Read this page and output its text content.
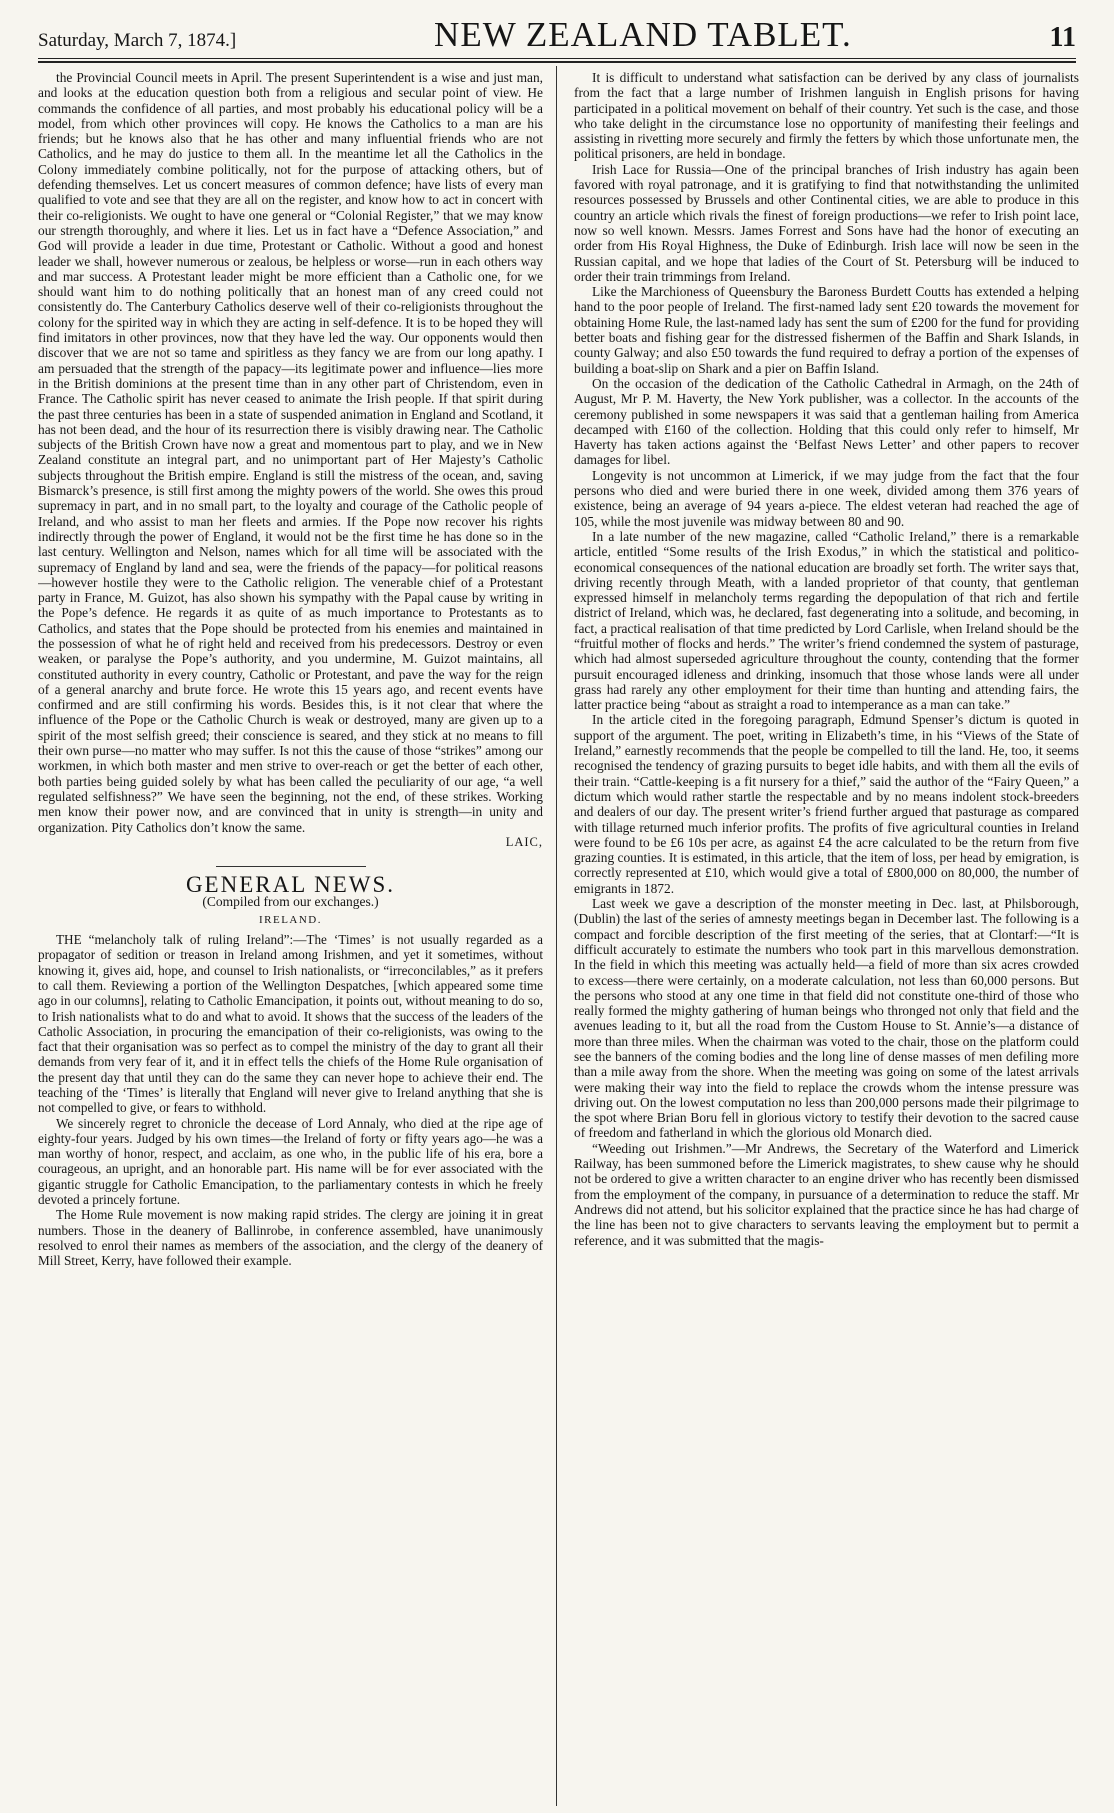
Saturday, March 7, 1874.]	NEW ZEALAND TABLET.	11

the Provincial Council meets in April. The present Superintendent is a wise and just man, and looks at the education question both from a religious and secular point of view. He commands the confidence of all parties, and most probably his educational policy will be a model, from which other provinces will copy. He knows the Catholics to a man are his friends; but he knows also that he has other and many influential friends who are not Catholics, and he may do justice to them all. In the meantime let all the Catholics in the Colony immediately combine politically, not for the purpose of attacking others, but of defending themselves. Let us concert measures of common defence; have lists of every man qualified to vote and see that they are all on the register, and know how to act in concert with their co-religionists. We ought to have one general or “Colonial Register,” that we may know our strength thoroughly, and where it lies. Let us in fact have a “Defence Association,” and God will provide a leader in due time, Protestant or Catholic. Without a good and honest leader we shall, however numerous or zealous, be helpless or worse—run in each others way and mar success. A Protestant leader might be more efficient than a Catholic one, for we should want him to do nothing politically that an honest man of any creed could not consistently do. The Canterbury Catholics deserve well of their co-religionists throughout the colony for the spirited way in which they are acting in self-defence. It is to be hoped they will find imitators in other provinces, now that they have led the way. Our opponents would then discover that we are not so tame and spiritless as they fancy we are from our long apathy. I am persuaded that the strength of the papacy—its legitimate power and influence—lies more in the British dominions at the present time than in any other part of Christendom, even in France. The Catholic spirit has never ceased to animate the Irish people. If that spirit during the past three centuries has been in a state of suspended animation in England and Scotland, it has not been dead, and the hour of its resurrection there is visibly drawing near. The Catholic subjects of the British Crown have now a great and momentous part to play, and we in New Zealand constitute an integral part, and no unimportant part of Her Majesty’s Catholic subjects throughout the British empire. England is still the mistress of the ocean, and, saving Bismarck’s presence, is still first among the mighty powers of the world. She owes this proud supremacy in part, and in no small part, to the loyalty and courage of the Catholic people of Ireland, and who assist to man her fleets and armies. If the Pope now recover his rights indirectly through the power of England, it would not be the first time he has done so in the last century. Wellington and Nelson, names which for all time will be associated with the supremacy of England by land and sea, were the friends of the papacy—for political reasons—however hostile they were to the Catholic religion. The venerable chief of a Protestant party in France, M. Guizot, has also shown his sympathy with the Papal cause by writing in the Pope’s defence. He regards it as quite of as much importance to Protestants as to Catholics, and states that the Pope should be protected from his enemies and maintained in the possession of what he of right held and received from his predecessors. Destroy or even weaken, or paralyse the Pope’s authority, and you undermine, M. Guizot maintains, all constituted authority in every country, Catholic or Protestant, and pave the way for the reign of a general anarchy and brute force. He wrote this 15 years ago, and recent events have confirmed and are still confirming his words. Besides this, is it not clear that where the influence of the Pope or the Catholic Church is weak or destroyed, many are given up to a spirit of the most selfish greed; their conscience is seared, and they stick at no means to fill their own purse—no matter who may suffer. Is not this the cause of those “strikes” among our workmen, in which both master and men strive to over-reach or get the better of each other, both parties being guided solely by what has been called the peculiarity of our age, “a well regulated selfishness?” We have seen the beginning, not the end, of these strikes. Working men know their power now, and are convinced that in unity is strength—in unity and organization. Pity Catholics don’t know the same.

LAIC,

GENERAL NEWS.
(Compiled from our exchanges.)
IRELAND.

THE “melancholy talk of ruling Ireland”:—The ‘Times’ is not usually regarded as a propagator of sedition or treason in Ireland among Irishmen, and yet it sometimes, without knowing it, gives aid, hope, and counsel to Irish nationalists, or “irreconcilables,” as it prefers to call them. Reviewing a portion of the Wellington Despatches, [which appeared some time ago in our columns], relating to Catholic Emancipation, it points out, without meaning to do so, to Irish nationalists what to do and what to avoid. It shows that the success of the leaders of the Catholic Association, in procuring the emancipation of their co-religionists, was owing to the fact that their organisation was so perfect as to compel the ministry of the day to grant all their demands from very fear of it, and it in effect tells the chiefs of the Home Rule organisation of the present day that until they can do the same they can never hope to achieve their end. The teaching of the ‘Times’ is literally that England will never give to Ireland anything that she is not compelled to give, or fears to withhold.

We sincerely regret to chronicle the decease of Lord Annaly, who died at the ripe age of eighty-four years. Judged by his own times—the Ireland of forty or fifty years ago—he was a man worthy of honor, respect, and acclaim, as one who, in the public life of his era, bore a courageous, an upright, and an honorable part. His name will be for ever associated with the gigantic struggle for Catholic Emancipation, to the parliamentary contests in which he freely devoted a princely fortune.

The Home Rule movement is now making rapid strides. The clergy are joining it in great numbers. Those in the deanery of Ballinrobe, in conference assembled, have unanimously resolved to enrol their names as members of the association, and the clergy of the deanery of Mill Street, Kerry, have followed their example.

It is difficult to understand what satisfaction can be derived by any class of journalists from the fact that a large number of Irishmen languish in English prisons for having participated in a political movement on behalf of their country. Yet such is the case, and those who take delight in the circumstance lose no opportunity of manifesting their feelings and assisting in rivetting more securely and firmly the fetters by which those unfortunate men, the political prisoners, are held in bondage.

Irish Lace for Russia—One of the principal branches of Irish industry has again been favored with royal patronage, and it is gratifying to find that notwithstanding the unlimited resources possessed by Brussels and other Continental cities, we are able to produce in this country an article which rivals the finest of foreign productions—we refer to Irish point lace, now so well known. Messrs. James Forrest and Sons have had the honor of executing an order from His Royal Highness, the Duke of Edinburgh. Irish lace will now be seen in the Russian capital, and we hope that ladies of the Court of St. Petersburg will be induced to order their train trimmings from Ireland.

Like the Marchioness of Queensbury the Baroness Burdett Coutts has extended a helping hand to the poor people of Ireland. The first-named lady sent £20 towards the movement for obtaining Home Rule, the last-named lady has sent the sum of £200 for the fund for providing better boats and fishing gear for the distressed fishermen of the Baffin and Shark Islands, in county Galway; and also £50 towards the fund required to defray a portion of the expenses of building a boat-slip on Shark and a pier on Baffin Island.

On the occasion of the dedication of the Catholic Cathedral in Armagh, on the 24th of August, Mr P. M. Haverty, the New York publisher, was a collector. In the accounts of the ceremony published in some newspapers it was said that a gentleman hailing from America decamped with £160 of the collection. Holding that this could only refer to himself, Mr Haverty has taken actions against the ‘Belfast News Letter’ and other papers to recover damages for libel.

Longevity is not uncommon at Limerick, if we may judge from the fact that the four persons who died and were buried there in one week, divided among them 376 years of existence, being an average of 94 years a-piece. The eldest veteran had reached the age of 105, while the most juvenile was midway between 80 and 90.

In a late number of the new magazine, called “Catholic Ireland,” there is a remarkable article, entitled “Some results of the Irish Exodus,” in which the statistical and politico-economical consequences of the national education are broadly set forth. The writer says that, driving recently through Meath, with a landed proprietor of that county, that gentleman expressed himself in melancholy terms regarding the depopulation of that rich and fertile district of Ireland, which was, he declared, fast degenerating into a solitude, and becoming, in fact, a practical realisation of that time predicted by Lord Carlisle, when Ireland should be the “fruitful mother of flocks and herds.” The writer’s friend condemned the system of pasturage, which had almost superseded agriculture throughout the county, contending that the former pursuit encouraged idleness and drinking, insomuch that those whose lands were all under grass had rarely any other employment for their time than hunting and attending fairs, the latter practice being “about as straight a road to intemperance as a man can take.”

In the article cited in the foregoing paragraph, Edmund Spenser’s dictum is quoted in support of the argument. The poet, writing in Elizabeth’s time, in his “Views of the State of Ireland,” earnestly recommends that the people be compelled to till the land. He, too, it seems recognised the tendency of grazing pursuits to beget idle habits, and with them all the evils of their train. “Cattle-keeping is a fit nursery for a thief,” said the author of the “Fairy Queen,” a dictum which would rather startle the respectable and by no means indolent stock-breeders and dealers of our day. The present writer’s friend further argued that pasturage as compared with tillage returned much inferior profits. The profits of five agricultural counties in Ireland were found to be £6 10s per acre, as against £4 the acre calculated to be the return from five grazing counties. It is estimated, in this article, that the item of loss, per head by emigration, is correctly represented at £10, which would give a total of £800,000 on 80,000, the number of emigrants in 1872.

Last week we gave a description of the monster meeting in Dec. last, at Philsborough, (Dublin) the last of the series of amnesty meetings began in December last. The following is a compact and forcible description of the first meeting of the series, that at Clontarf:—“It is difficult accurately to estimate the numbers who took part in this marvellous demonstration. In the field in which this meeting was actually held—a field of more than six acres crowded to excess—there were certainly, on a moderate calculation, not less than 60,000 persons. But the persons who stood at any one time in that field did not constitute one-third of those who really formed the mighty gathering of human beings who thronged not only that field and the avenues leading to it, but all the road from the Custom House to St. Annie’s—a distance of more than three miles. When the chairman was voted to the chair, those on the platform could see the banners of the coming bodies and the long line of dense masses of men defiling more than a mile away from the shore. When the meeting was going on some of the latest arrivals were making their way into the field to replace the crowds whom the intense pressure was driving out. On the lowest computation no less than 200,000 persons made their pilgrimage to the spot where Brian Boru fell in glorious victory to testify their devotion to the sacred cause of freedom and fatherland in which the glorious old Monarch died.

“Weeding out Irishmen.”—Mr Andrews, the Secretary of the Waterford and Limerick Railway, has been summoned before the Limerick magistrates, to shew cause why he should not be ordered to give a written character to an engine driver who has recently been dismissed from the employment of the company, in pursuance of a determination to reduce the staff. Mr Andrews did not attend, but his solicitor explained that the practice since he has had charge of the line has been not to give characters to servants leaving the employment but to permit a reference, and it was submitted that the magis-
